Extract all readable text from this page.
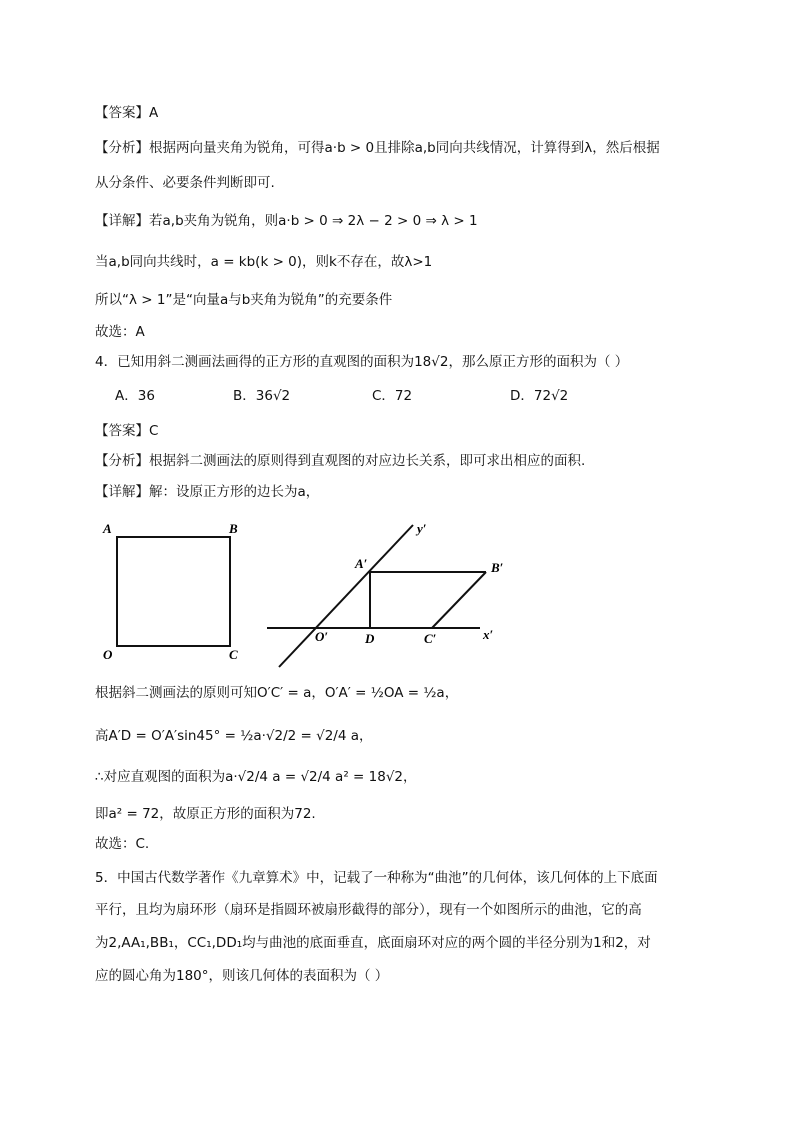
【答案】A
【分析】根据两向量夹角为锐角，可得a·b > 0且排除a,b同向共线情况，计算得到λ，然后根据
从分条件、必要条件判断即可.
【详解】若a,b夹角为锐角，则a·b > 0 ⇒ 2λ − 2 > 0 ⇒ λ > 1
当a,b同向共线时，a = kb(k > 0)，则k不存在，故λ>1
所以“λ > 1”是“向量a与b夹角为锐角”的充要条件
故选：A
4．已知用斜二测画法画得的正方形的直观图的面积为18√2，那么原正方形的面积为（ ）
A．36	B．36√2	C．72	D．72√2
【答案】C
【分析】根据斜二测画法的原则得到直观图的对应边长关系，即可求出相应的面积.
【详解】解：设原正方形的边长为a，
A	B
O	C
A′	B′
O′	D	C′	x′
y′
根据斜二测画法的原则可知O′C′ = a，O′A′ = ½OA = ½a，
高A′D = O′A′sin45° = ½a·√2/2 = √2/4 a，
∴对应直观图的面积为a·√2/4 a = √2/4 a² = 18√2，
即a² = 72，故原正方形的面积为72.
故选：C.
5．中国古代数学著作《九章算术》中，记载了一种称为“曲池”的几何体，该几何体的上下底面
平行，且均为扇环形（扇环是指圆环被扇形截得的部分），现有一个如图所示的曲池，它的高
为2,AA₁,BB₁，CC₁,DD₁均与曲池的底面垂直，底面扇环对应的两个圆的半径分别为1和2，对
应的圆心角为180°，则该几何体的表面积为（ ）
